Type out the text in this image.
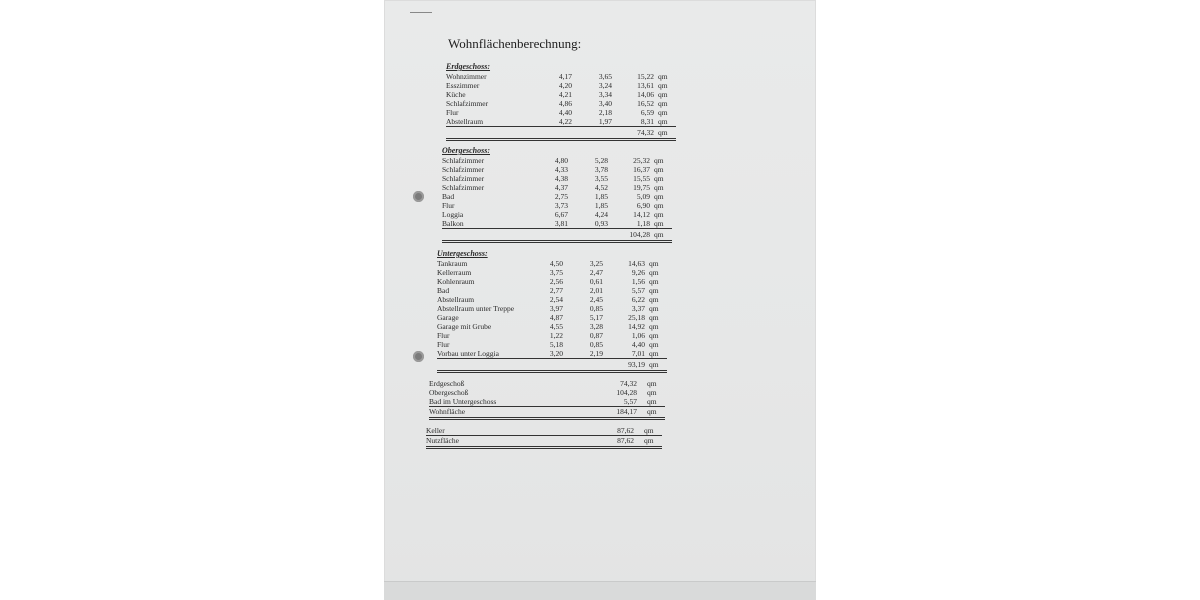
Wohnflächenberechnung:
Erdgeschoss:
Wohnzimmer	4,17	3,65	15,22 qm
Esszimmer	4,20	3,24	13,61 qm
Küche	4,21	3,34	14,06 qm
Schlafzimmer	4,86	3,40	16,52 qm
Flur	4,40	2,18	6,59 qm
Abstellraum	4,22	1,97	8,31 qm
74,32 qm
Obergeschoss:
Schlafzimmer	4,80	5,28	25,32 qm
Schlafzimmer	4,33	3,78	16,37 qm
Schlafzimmer	4,38	3,55	15,55 qm
Schlafzimmer	4,37	4,52	19,75 qm
Bad	2,75	1,85	5,09 qm
Flur	3,73	1,85	6,90 qm
Loggia	6,67	4,24	14,12 qm
Balkon	3,81	0,93	1,18 qm
104,28 qm
Untergeschoss:
Tankraum	4,50	3,25	14,63 qm
Kellerraum	3,75	2,47	9,26 qm
Kohlenraum	2,56	0,61	1,56 qm
Bad	2,77	2,01	5,57 qm
Abstellraum	2,54	2,45	6,22 qm
Abstellraum unter Treppe	3,97	0,85	3,37 qm
Garage	4,87	5,17	25,18 qm
Garage mit Grube	4,55	3,28	14,92 qm
Flur	1,22	0,87	1,06 qm
Flur	5,18	0,85	4,40 qm
Vorbau unter Loggia	3,20	2,19	7,01 qm
93,19 qm
Erdgeschoß	74,32 qm
Obergeschoß	104,28 qm
Bad im Untergeschoss	5,57 qm
Wohnfläche	184,17 qm
Keller	87,62 qm
Nutzfläche	87,62 qm
